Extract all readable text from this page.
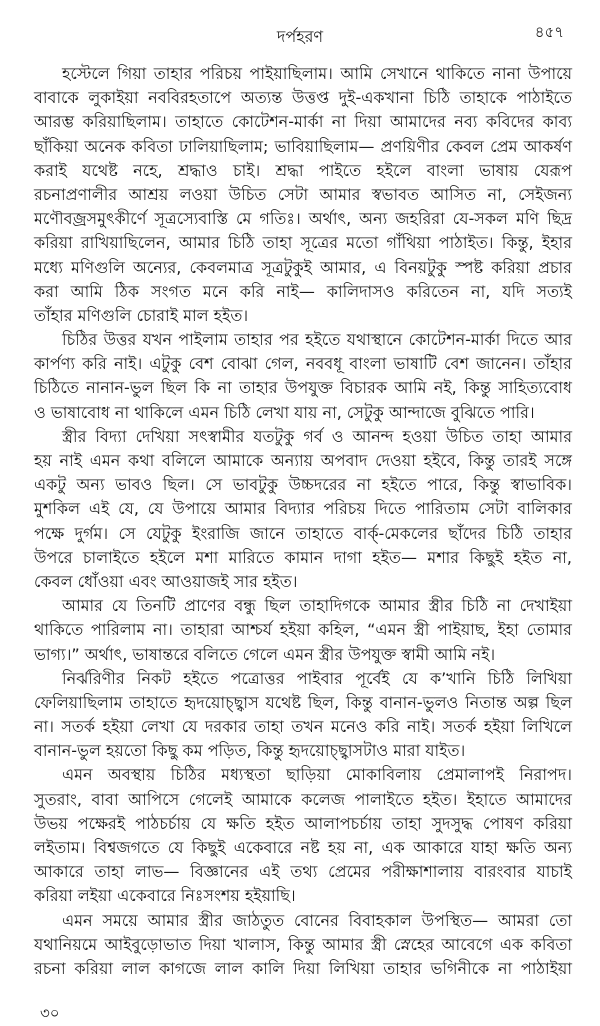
দর্পহরণ	৪৫৭
হস্টেলে গিয়া তাহার পরিচয় পাইয়াছিলাম। আমি সেখানে থাকিতে নানা উপায়ে
বাবাকে লুকাইয়া নববিরহতাপে অত্যন্ত উত্তপ্ত দুই-একখানা চিঠি তাহাকে পাঠাইতে
আরম্ভ করিয়াছিলাম। তাহাতে কোটেশন-মার্কা না দিয়া আমাদের নব্য কবিদের কাব্য
ছাঁকিয়া অনেক কবিতা ঢালিয়াছিলাম; ভাবিয়াছিলাম— প্রণয়িণীর কেবল প্রেম আকর্ষণ
করাই যথেষ্ট নহে, শ্রদ্ধাও চাই। শ্রদ্ধা পাইতে হইলে বাংলা ভাষায় যেরূপ
রচনাপ্রণালীর আশ্রয় লওয়া উচিত সেটা আমার স্বভাবত আসিত না, সেইজন্য
মণৌবজ্রসমুৎকীর্ণে সূত্রস্যেবাস্তি মে গতিঃ। অর্থাৎ, অন্য জহরিরা যে-সকল মণি ছিদ্র
করিয়া রাখিয়াছিলেন, আমার চিঠি তাহা সূত্রের মতো গাঁথিয়া পাঠাইত। কিন্তু, ইহার
মধ্যে মণিগুলি অন্যের, কেবলমাত্র সূত্রটুকুই আমার, এ বিনয়টুকু স্পষ্ট করিয়া প্রচার
করা আমি ঠিক সংগত মনে করি নাই— কালিদাসও করিতেন না, যদি সত্যই
তাঁহার মণিগুলি চোরাই মাল হইত।
চিঠির উত্তর যখন পাইলাম তাহার পর হইতে যথাস্থানে কোটেশন-মার্কা দিতে আর
কার্পণ্য করি নাই। এটুকু বেশ বোঝা গেল, নববধূ বাংলা ভাষাটি বেশ জানেন। তাঁহার
চিঠিতে নানান-ভুল ছিল কি না তাহার উপযুক্ত বিচারক আমি নই, কিন্তু সাহিত্যবোধ
ও ভাষাবোধ না থাকিলে এমন চিঠি লেখা যায় না, সেটুকু আন্দাজে বুঝিতে পারি।
স্ত্রীর বিদ্যা দেখিয়া সৎস্বামীর যতটুকু গর্ব ও আনন্দ হওয়া উচিত তাহা আমার
হয় নাই এমন কথা বলিলে আমাকে অন্যায় অপবাদ দেওয়া হইবে, কিন্তু তারই সঙ্গে
একটু অন্য ভাবও ছিল। সে ভাবটুকু উচ্চদরের না হইতে পারে, কিন্তু স্বাভাবিক।
মুশকিল এই যে, যে উপায়ে আমার বিদ্যার পরিচয় দিতে পারিতাম সেটা বালিকার
পক্ষে দুর্গম। সে যেটুকু ইংরাজি জানে তাহাতে বার্ক্-মেকলের ছাঁদের চিঠি তাহার
উপরে চালাইতে হইলে মশা মারিতে কামান দাগা হইত— মশার কিছুই হইত না,
কেবল ধোঁওয়া এবং আওয়াজই সার হইত।
আমার যে তিনটি প্রাণের বন্ধু ছিল তাহাদিগকে আমার স্ত্রীর চিঠি না দেখাইয়া
থাকিতে পারিলাম না। তাহারা আশ্চর্য হইয়া কহিল, “এমন স্ত্রী পাইয়াছ, ইহা তোমার
ভাগ্য।” অর্থাৎ, ভাষান্তরে বলিতে গেলে এমন স্ত্রীর উপযুক্ত স্বামী আমি নই।
নির্ঝরিণীর নিকট হইতে পত্রোত্তর পাইবার পূর্বেই যে ক’খানি চিঠি লিখিয়া
ফেলিয়াছিলাম তাহাতে হৃদয়োচ্ছ্বাস যথেষ্ট ছিল, কিন্তু বানান-ভুলও নিতান্ত অল্প ছিল
না। সতর্ক হইয়া লেখা যে দরকার তাহা তখন মনেও করি নাই। সতর্ক হইয়া লিখিলে
বানান-ভুল হয়তো কিছু কম পড়িত, কিন্তু হৃদয়োচ্ছ্বাসটাও মারা যাইত।
এমন অবস্থায় চিঠির মধ্যস্থতা ছাড়িয়া মোকাবিলায় প্রেমালাপই নিরাপদ।
সুতরাং, বাবা আপিসে গেলেই আমাকে কলেজ পালাইতে হইত। ইহাতে আমাদের
উভয় পক্ষেরই পাঠচর্চায় যে ক্ষতি হইত আলাপচর্চায় তাহা সুদসুদ্ধ পোষণ করিয়া
লইতাম। বিশ্বজগতে যে কিছুই একেবারে নষ্ট হয় না, এক আকারে যাহা ক্ষতি অন্য
আকারে তাহা লাভ— বিজ্ঞানের এই তথ্য প্রেমের পরীক্ষাশালায় বারংবার যাচাই
করিয়া লইয়া একেবারে নিঃসংশয় হইয়াছি।
এমন সময়ে আমার স্ত্রীর জাঠতুত বোনের বিবাহকাল উপস্থিত— আমরা তো
যথানিয়মে আইবুড়োভাত দিয়া খালাস, কিন্তু আমার স্ত্রী স্নেহের আবেগে এক কবিতা
রচনা করিয়া লাল কাগজে লাল কালি দিয়া লিখিয়া তাহার ভগিনীকে না পাঠাইয়া
৩০
